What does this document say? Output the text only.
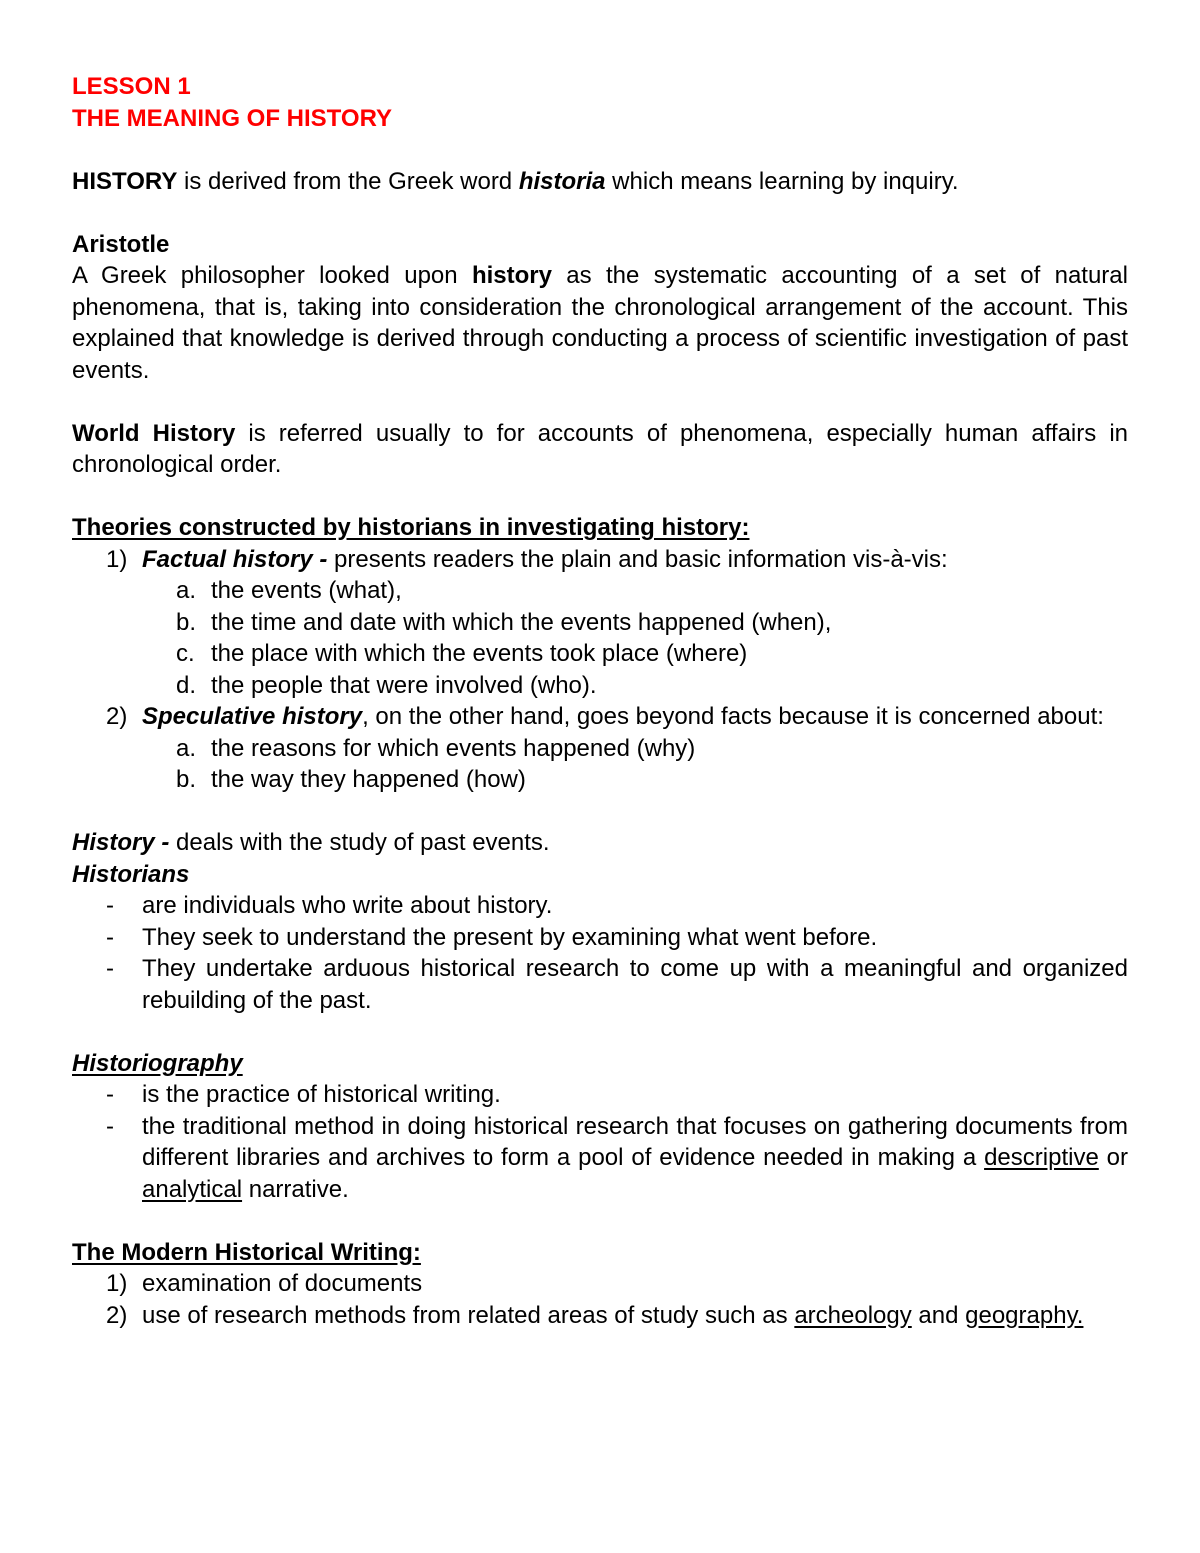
LESSON 1

THE MEANING OF HISTORY

HISTORY is derived from the Greek word historia which means learning by inquiry.

Aristotle

A Greek philosopher looked upon history as the systematic accounting of a set of natural phenomena, that is, taking into consideration the chronological arrangement of the account. This explained that knowledge is derived through conducting a process of scientific investigation of past events.

World History is referred usually to for accounts of phenomena, especially human affairs in chronological order.

Theories constructed by historians in investigating history:

1) Factual history - presents readers the plain and basic information vis-à-vis:
a. the events (what),
b. the time and date with which the events happened (when),
c. the place with which the events took place (where)
d. the people that were involved (who).
2) Speculative history, on the other hand, goes beyond facts because it is concerned about:
a. the reasons for which events happened (why)
b. the way they happened (how)

History - deals with the study of past events.

Historians

- are individuals who write about history.
- They seek to understand the present by examining what went before.
- They undertake arduous historical research to come up with a meaningful and organized rebuilding of the past.

Historiography

- is the practice of historical writing.
- the traditional method in doing historical research that focuses on gathering documents from different libraries and archives to form a pool of evidence needed in making a descriptive or analytical narrative.

The Modern Historical Writing:

1) examination of documents
2) use of research methods from related areas of study such as archeology and geography.
